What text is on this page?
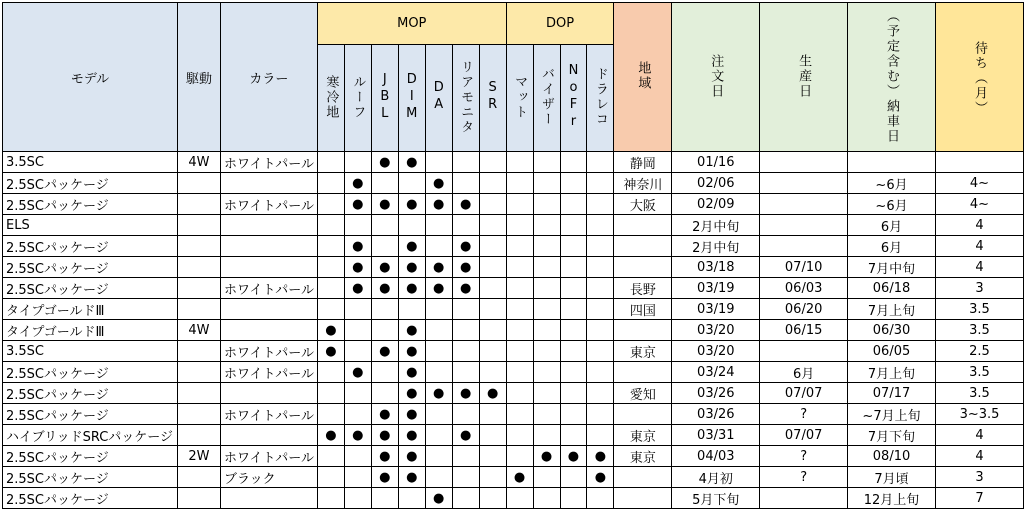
モデル	駆動	カラー	MOP							DOP				地域	注文日	生産日	︵予定含む︶納車日	待ち︵月︶

			寒冷地	ルーフ	JBL	DIM	DA	リアモニタ	SR	マット	バイザー	NoFr	ドラレコ					

3.5SC	4W	ホワイトパール			●	●								静岡	01/16			
2.5SCパッケージ				●			●							神奈川	02/06		~6月	4~
2.5SCパッケージ		ホワイトパール		●	●	●	●	●						大阪	02/09		~6月	4~
ELS															2月中旬		6月	4
2.5SCパッケージ				●		●		●							2月中旬		6月	4
2.5SCパッケージ				●	●	●	●	●							03/18	07/10	7月中旬	4
2.5SCパッケージ		ホワイトパール		●	●	●	●	●						長野	03/19	06/03	06/18	3
タイプゴールドⅢ														四国	03/19	06/20	7月上旬	3.5
タイプゴールドⅢ	4W		●			●									03/20	06/15	06/30	3.5
3.5SC		ホワイトパール	●		●	●								東京	03/20		06/05	2.5
2.5SCパッケージ		ホワイトパール		●		●									03/24	6月	7月上旬	3.5
2.5SCパッケージ						●	●	●	●					愛知	03/26	07/07	07/17	3.5
2.5SCパッケージ		ホワイトパール			●	●									03/26	?	~7月上旬	3~3.5
ハイブリッドSRCパッケージ			●	●	●	●		●						東京	03/31	07/07	7月下旬	4
2.5SCパッケージ	2W	ホワイトパール			●	●					●	●	●	東京	04/03	?	08/10	4
2.5SCパッケージ		ブラック			●	●				●			●		4月初	?	7月頃	3
2.5SCパッケージ							●								5月下旬		12月上旬	7
